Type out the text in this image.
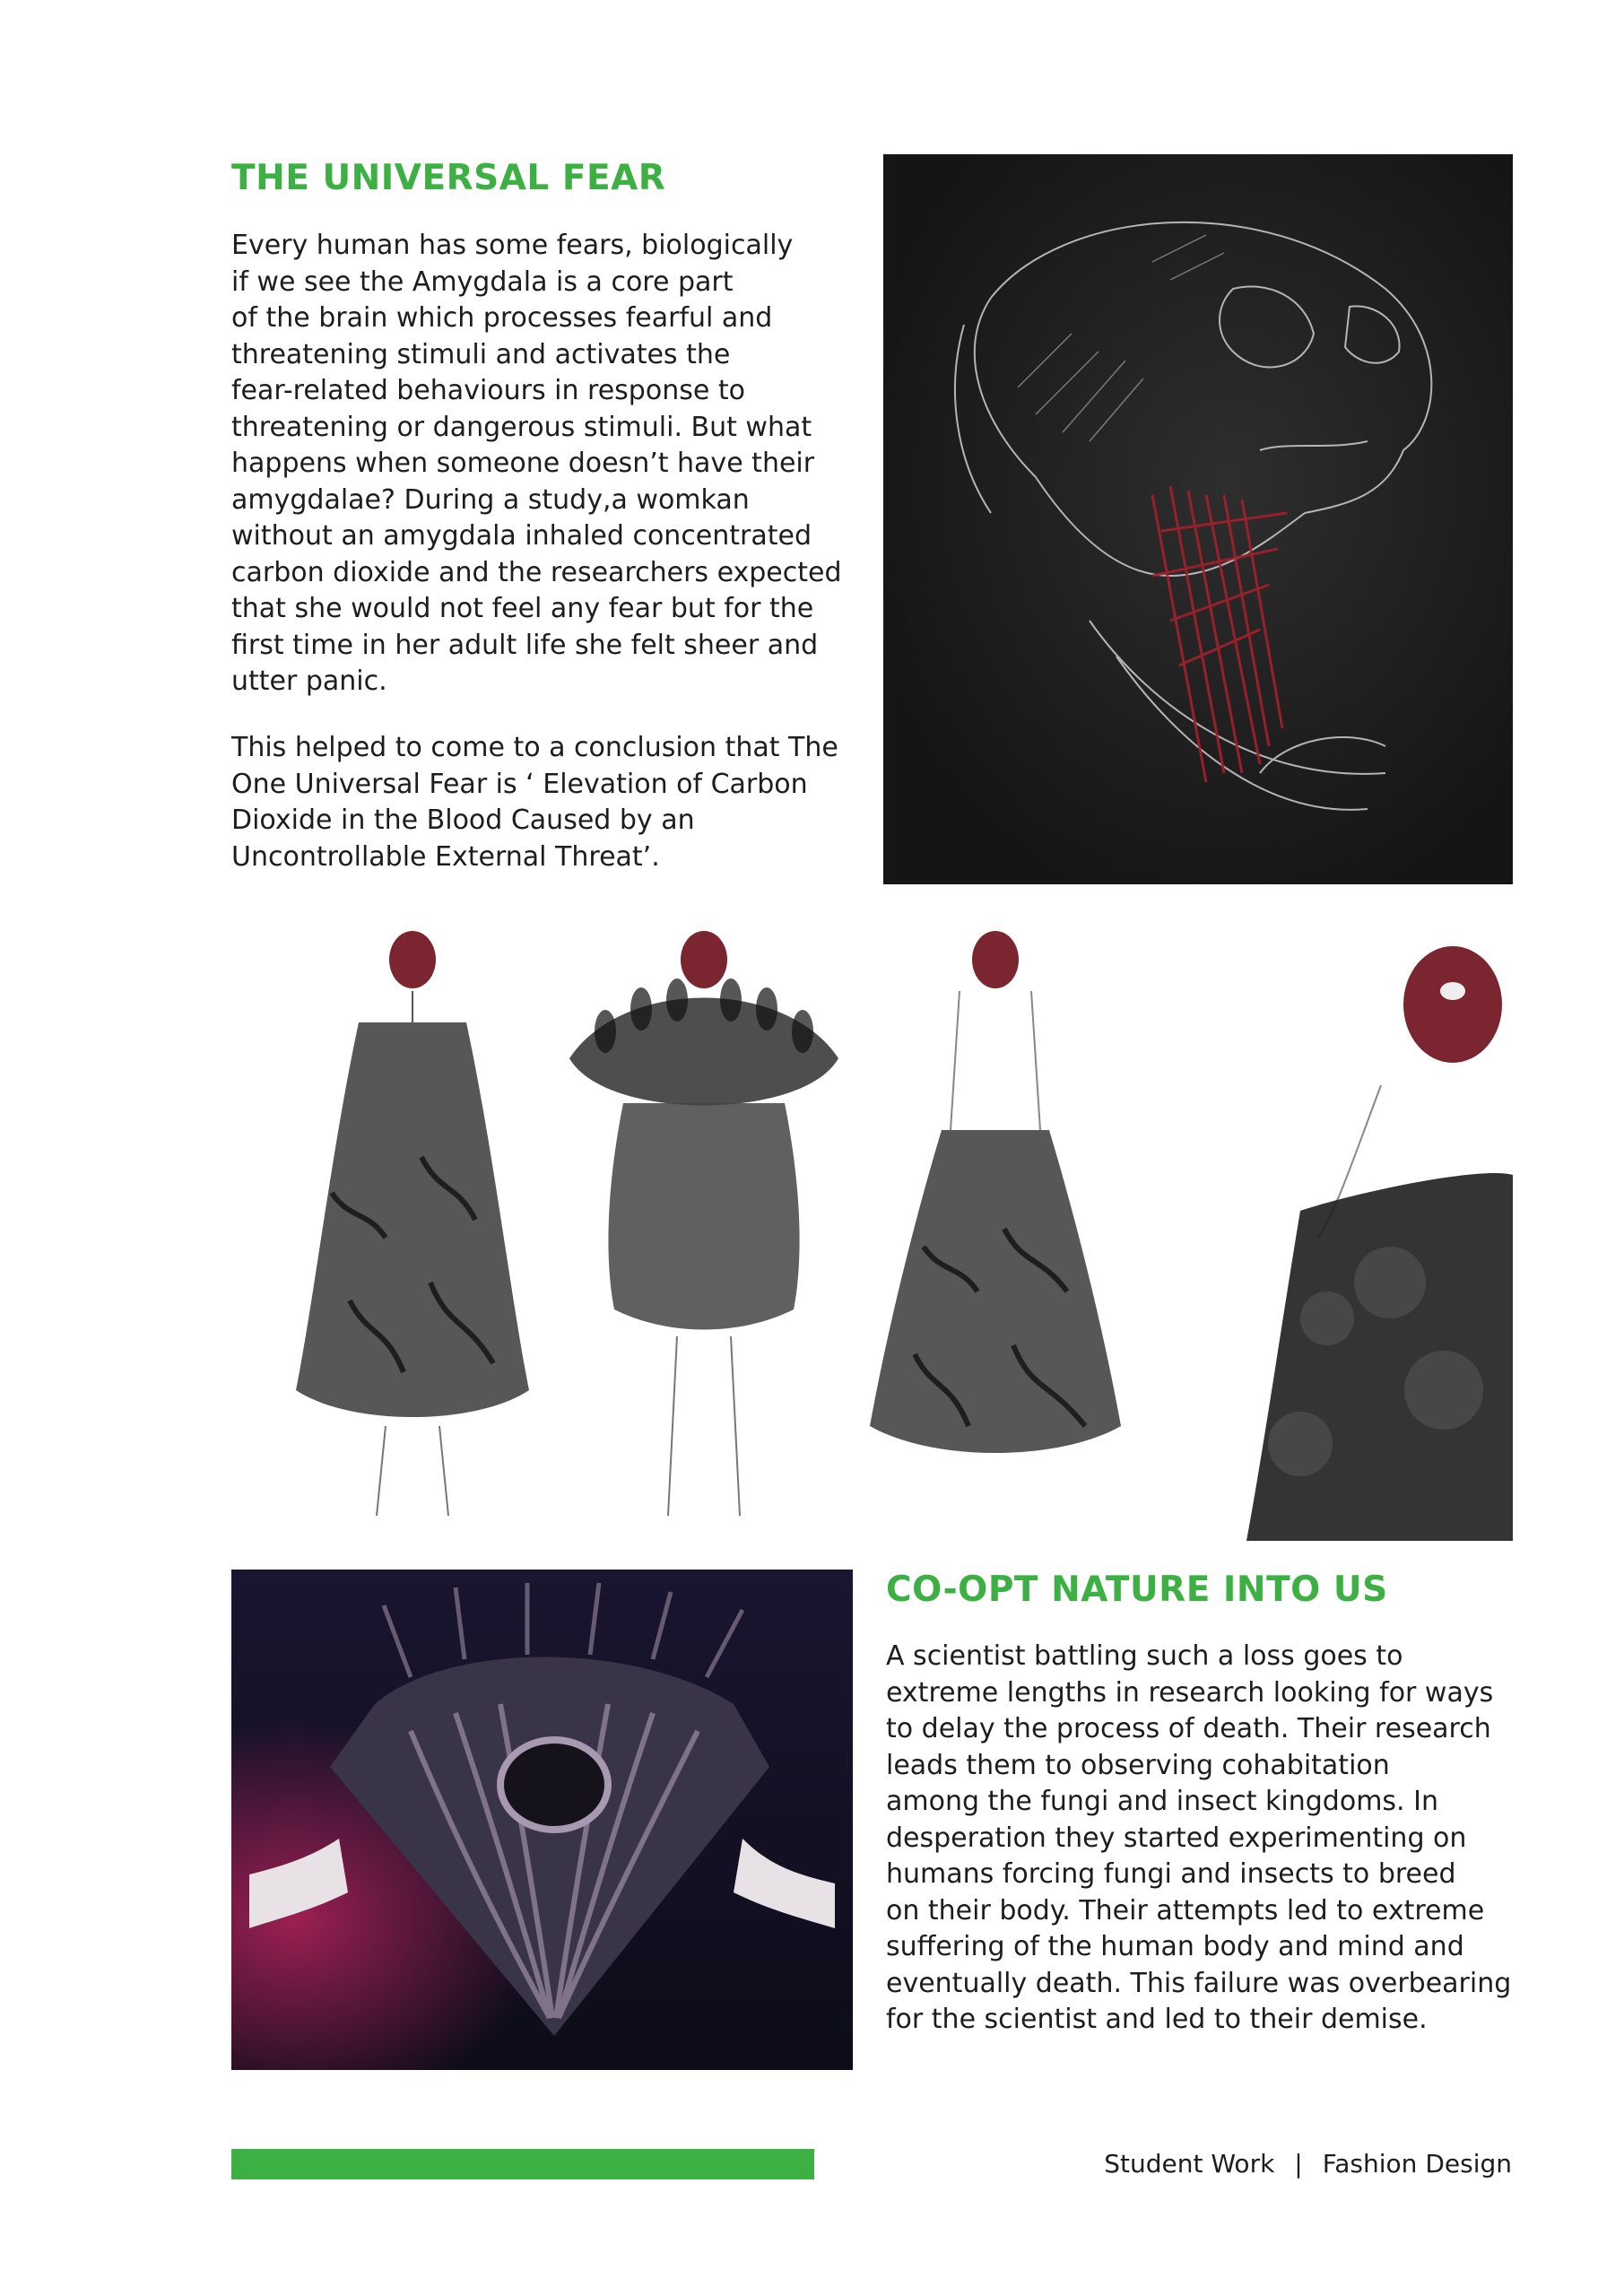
THE UNIVERSAL FEAR

Every human has some fears, biologically
if we see the Amygdala is a core part
of the brain which processes fearful and
threatening stimuli and activates the
fear-related behaviours in response to
threatening or dangerous stimuli. But what
happens when someone doesn’t have their
amygdalae? During a study,a womkan
without an amygdala inhaled concentrated
carbon dioxide and the researchers expected
that she would not feel any fear but for the
first time in her adult life she felt sheer and
utter panic.

This helped to come to a conclusion that The
One Universal Fear is ‘ Elevation of Carbon
Dioxide in the Blood Caused by an
Uncontrollable External Threat’.

CO-OPT NATURE INTO US

A scientist battling such a loss goes to
extreme lengths in research looking for ways
to delay the process of death. Their research
leads them to observing cohabitation
among the fungi and insect kingdoms. In
desperation they started experimenting on
humans forcing fungi and insects to breed
on their body. Their attempts led to extreme
suffering of the human body and mind and
eventually death. This failure was overbearing
for the scientist and led to their demise.

Student Work | Fashion Design
